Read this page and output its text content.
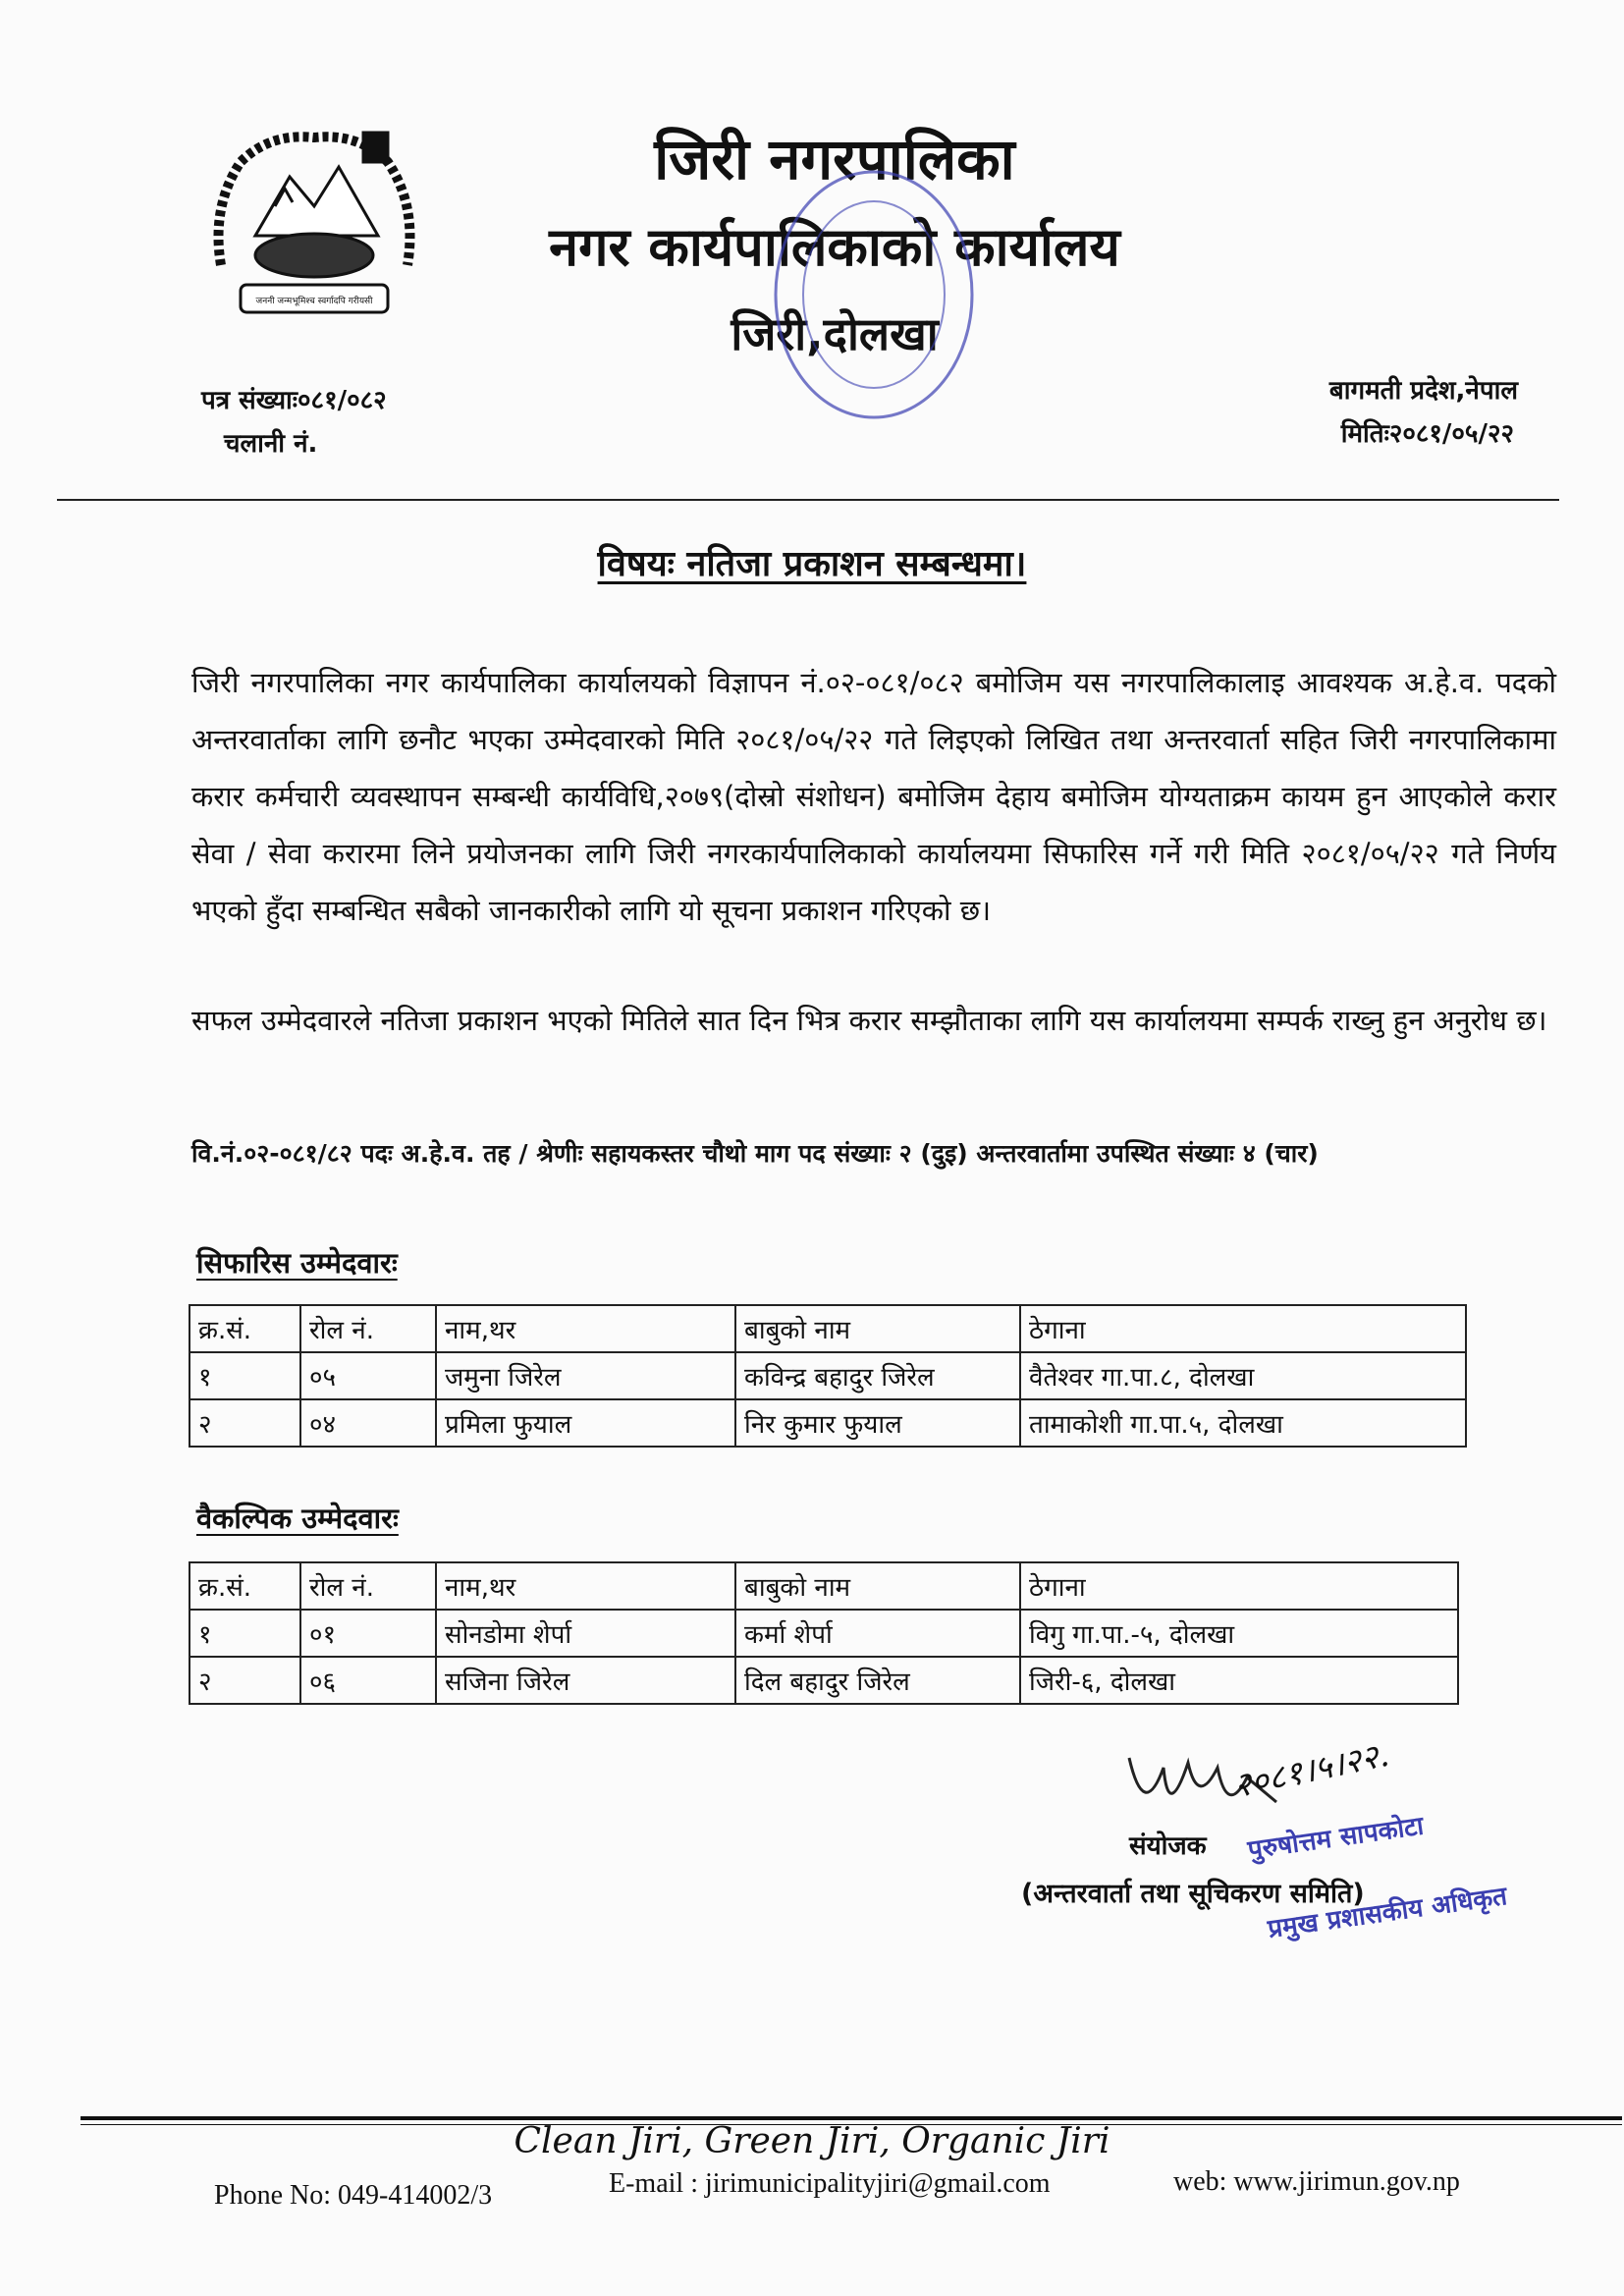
जननी जन्मभूमिश्च स्वर्गादपि गरीयसी
जिरी नगरपालिका
नगर कार्यपालिकाको कार्यालय
जिरी,दोलखा
पत्र संख्याः०८१/०८२
चलानी नं.
बागमती प्रदेश,नेपाल
मितिः२०८१/०५/२२
विषयः नतिजा प्रकाशन सम्बन्धमा।
जिरी नगरपालिका नगर कार्यपालिका कार्यालयको विज्ञापन नं.०२-०८१/०८२ बमोजिम यस नगरपालिकालाइ आवश्यक अ.हे.व. पदको अन्तरवार्ताका लागि छनौट भएका उम्मेदवारको मिति २०८१/०५/२२ गते लिइएको लिखित तथा अन्तरवार्ता सहित जिरी नगरपालिकामा करार कर्मचारी व्यवस्थापन सम्बन्धी कार्यविधि,२०७९(दोस्रो संशोधन) बमोजिम देहाय बमोजिम योग्यताक्रम कायम हुन आएकोले करार सेवा / सेवा करारमा लिने प्रयोजनका लागि जिरी नगरकार्यपालिकाको कार्यालयमा सिफारिस गर्ने गरी मिति २०८१/०५/२२ गते निर्णय भएको हुँदा सम्बन्धित सबैको जानकारीको लागि यो सूचना प्रकाशन गरिएको छ।
सफल उम्मेदवारले नतिजा प्रकाशन भएको मितिले सात दिन भित्र करार सम्झौताका लागि यस कार्यालयमा सम्पर्क राख्नु हुन अनुरोध छ।
वि.नं.०२-०८१/८२ पदः अ.हे.व. तह / श्रेणीः सहायकस्तर चौथो माग पद संख्याः २ (दुइ) अन्तरवार्तामा उपस्थित संख्याः ४ (चार)
सिफारिस उम्मेदवारः
क्र.सं.	रोल नं.	नाम,थर	बाबुको नाम	ठेगाना
१	०५	जमुना जिरेल	कविन्द्र बहादुर जिरेल	वैतेश्वर गा.पा.८, दोलखा
२	०४	प्रमिला फुयाल	निर कुमार फुयाल	तामाकोशी गा.पा.५, दोलखा
वैकल्पिक उम्मेदवारः
क्र.सं.	रोल नं.	नाम,थर	बाबुको नाम	ठेगाना
१	०१	सोनडोमा शेर्पा	कर्मा शेर्पा	विगु गा.पा.-५, दोलखा
२	०६	सजिना जिरेल	दिल बहादुर जिरेल	जिरी-६, दोलखा
२०८१।५।२२.
संयोजक पुरुषोत्तम सापकोटा
(अन्तरवार्ता तथा सूचिकरण समिति)
प्रमुख प्रशासकीय अधिकृत
Clean Jiri, Green Jiri, Organic Jiri
Phone No: 049-414002/3	E-mail : jirimunicipalityjiri@gmail.com	web: www.jirimun.gov.np
